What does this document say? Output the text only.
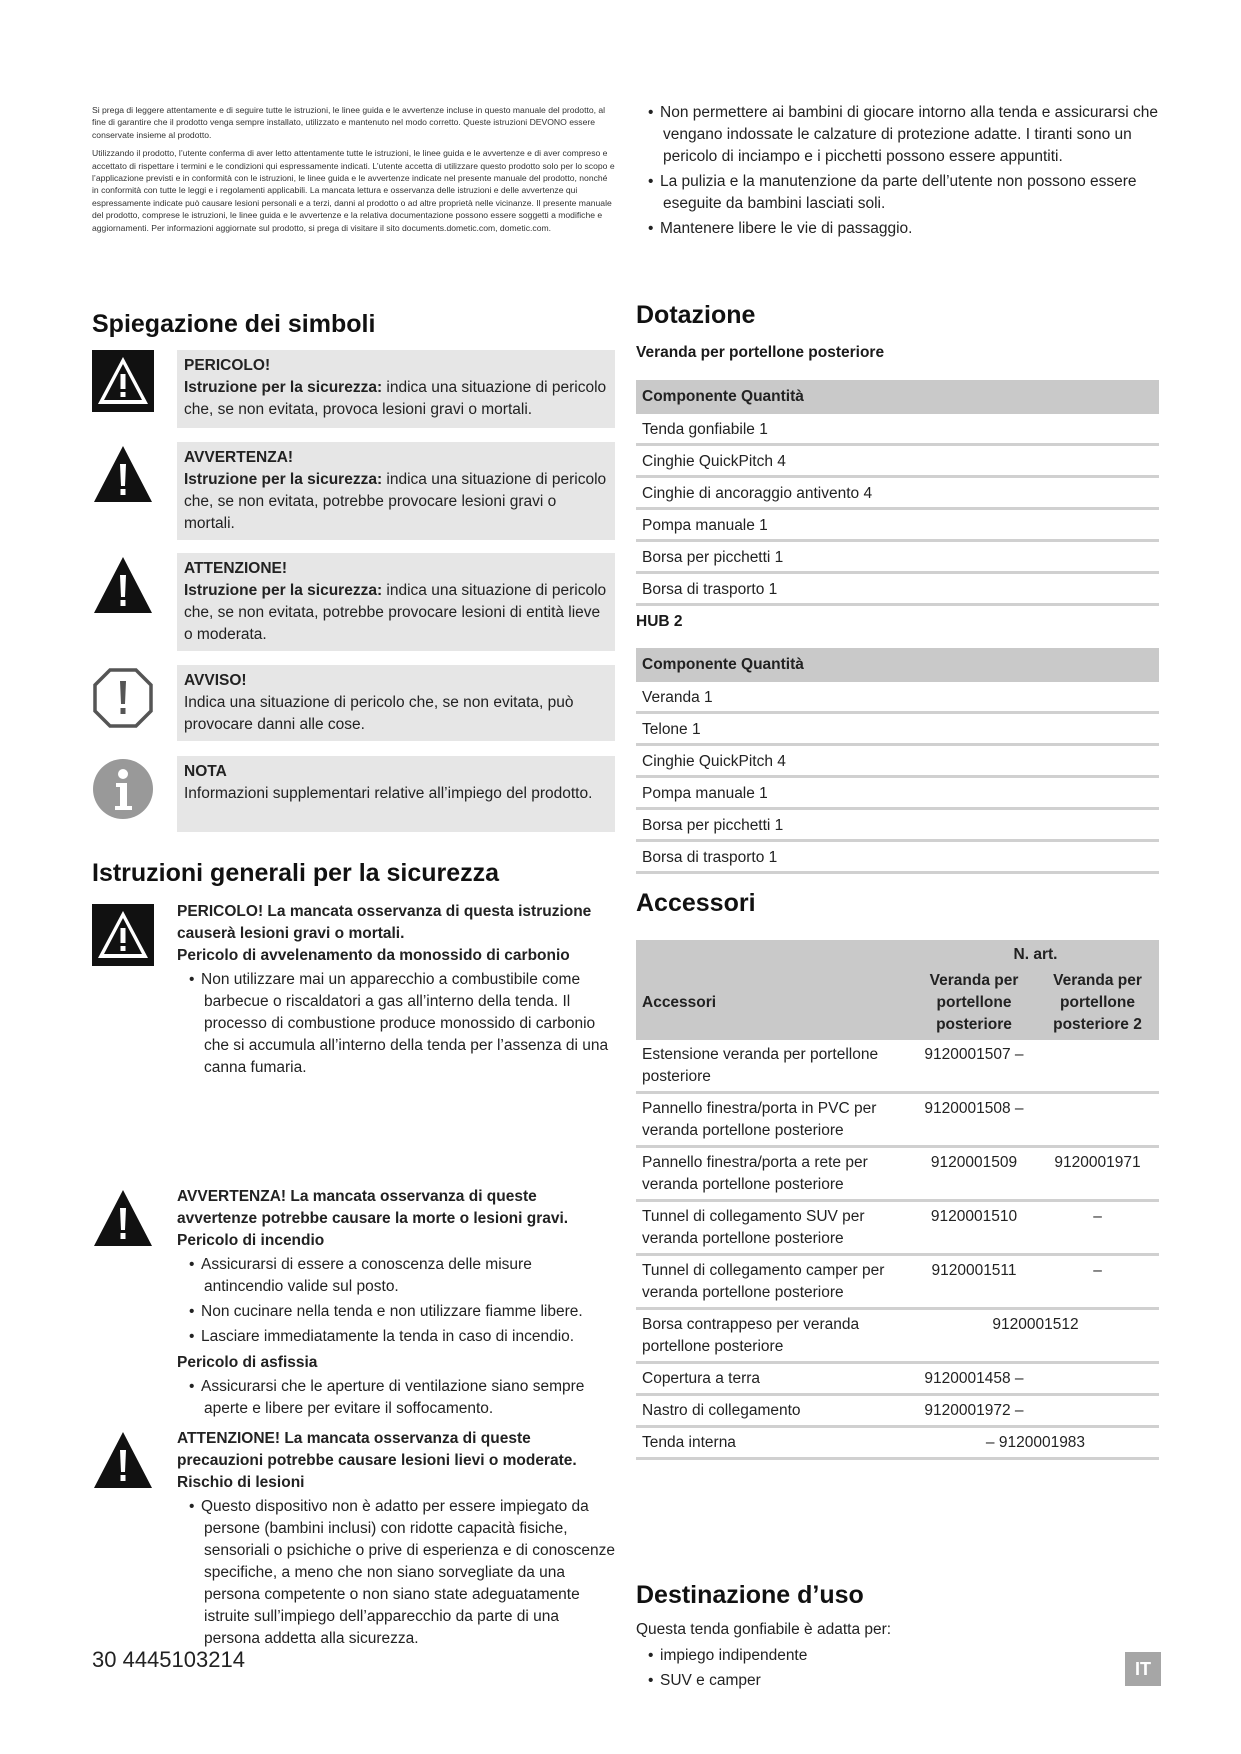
Si prega di leggere attentamente e di seguire tutte le istruzioni, le linee guida e le avvertenze incluse in questo manuale del prodotto, al fine di garantire che il prodotto venga sempre installato, utilizzato e mantenuto nel modo corretto. Queste istruzioni DEVONO essere conservate insieme al prodotto.

Utilizzando il prodotto, l’utente conferma di aver letto attentamente tutte le istruzioni, le linee guida e le avvertenze e di aver compreso e accettato di rispettare i termini e le condizioni qui espressamente indicati. L’utente accetta di utilizzare questo prodotto solo per lo scopo e l’applicazione previsti e in conformità con le istruzioni, le linee guida e le avvertenze indicate nel presente manuale del prodotto, nonché in conformità con tutte le leggi e i regolamenti applicabili. La mancata lettura e osservanza delle istruzioni e delle avvertenze qui espressamente indicate può causare lesioni personali e a terzi, danni al prodotto o ad altre proprietà nelle vicinanze. Il presente manuale del prodotto, comprese le istruzioni, le linee guida e le avvertenze e la relativa documentazione possono essere soggetti a modifiche e aggiornamenti. Per informazioni aggiornate sul prodotto, si prega di visitare il sito documents.dometic.com, dometic.com.

Spiegazione dei simboli
PERICOLO!
Istruzione per la sicurezza: indica una situazione di pericolo che, se non evitata, provoca lesioni gravi o mortali.
AVVERTENZA!
Istruzione per la sicurezza: indica una situazione di pericolo che, se non evitata, potrebbe provocare lesioni gravi o mortali.
ATTENZIONE!
Istruzione per la sicurezza: indica una situazione di pericolo che, se non evitata, potrebbe provocare lesioni di entità lieve o moderata.
AVVISO!
Indica una situazione di pericolo che, se non evitata, può provocare danni alle cose.
NOTA
Informazioni supplementari relative all’impiego del prodotto.
Istruzioni generali per la sicurezza
PERICOLO! La mancata osservanza di questa istruzione causerà lesioni gravi o mortali.
Pericolo di avvelenamento da monossido di carbonio
• Non utilizzare mai un apparecchio a combustibile come barbecue o riscaldatori a gas all’interno della tenda. Il processo di combustione produce monossido di carbonio che si accumula all’interno della tenda per l’assenza di una canna fumaria.
AVVERTENZA! La mancata osservanza di queste avvertenze potrebbe causare la morte o lesioni gravi.
Pericolo di incendio
• Assicurarsi di essere a conoscenza delle misure antincendio valide sul posto.
• Non cucinare nella tenda e non utilizzare fiamme libere.
• Lasciare immediatamente la tenda in caso di incendio.
Pericolo di asfissia
• Assicurarsi che le aperture di ventilazione siano sempre aperte e libere per evitare il soffocamento.
ATTENZIONE! La mancata osservanza di queste precauzioni potrebbe causare lesioni lievi o moderate.
Rischio di lesioni
• Questo dispositivo non è adatto per essere impiegato da persone (bambini inclusi) con ridotte capacità fisiche, sensoriali o psichiche o prive di esperienza e di conoscenze specifiche, a meno che non siano sorvegliate da una persona competente o non siano state adeguatamente istruite sull’impiego dell’apparecchio da parte di una persona addetta alla sicurezza.
• Non permettere ai bambini di giocare intorno alla tenda e assicurarsi che vengano indossate le calzature di protezione adatte. I tiranti sono un pericolo di inciampo e i picchetti possono essere appuntiti.
• La pulizia e la manutenzione da parte dell’utente non possono essere eseguite da bambini lasciati soli.
• Mantenere libere le vie di passaggio.
Dotazione
Veranda per portellone posteriore
Componente Quantità
Tenda gonfiabile 1
Cinghie QuickPitch 4
Cinghie di ancoraggio antivento 4
Pompa manuale 1
Borsa per picchetti 1
Borsa di trasporto 1
HUB 2
Componente Quantità
Veranda 1
Telone 1
Cinghie QuickPitch 4
Pompa manuale 1
Borsa per picchetti 1
Borsa di trasporto 1
Accessori
	N. art.	
Accessori	Veranda per portellone posteriore	Veranda per portellone posteriore 2
Estensione veranda per portellone posteriore	9120001507 –	
Pannello finestra/porta in PVC per veranda portellone posteriore	9120001508 –	
Pannello finestra/porta a rete per veranda portellone posteriore	9120001509	9120001971
Tunnel di collegamento SUV per veranda portellone posteriore	9120001510	–
Tunnel di collegamento camper per veranda portellone posteriore	9120001511	–
Borsa contrappeso per veranda portellone posteriore	9120001512	
Copertura a terra	9120001458 –	
Nastro di collegamento	9120001972 –	
Tenda interna	– 9120001983	
Destinazione d’uso
Questa tenda gonfiabile è adatta per:
• impiego indipendente
• SUV e camper
30 4445103214	IT
